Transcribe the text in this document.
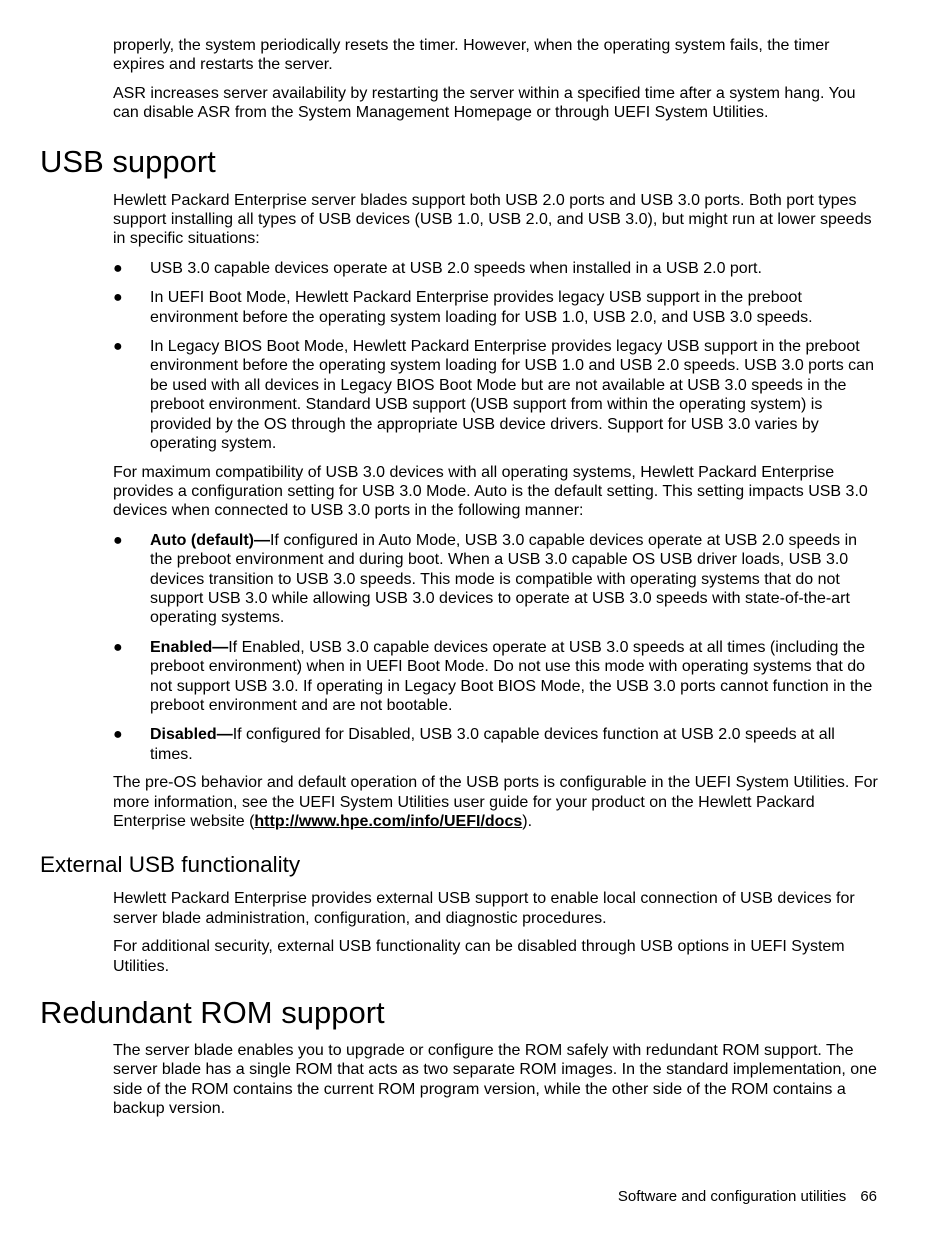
properly, the system periodically resets the timer. However, when the operating system fails, the timer expires and restarts the server.

ASR increases server availability by restarting the server within a specified time after a system hang. You can disable ASR from the System Management Homepage or through UEFI System Utilities.

USB support

Hewlett Packard Enterprise server blades support both USB 2.0 ports and USB 3.0 ports. Both port types support installing all types of USB devices (USB 1.0, USB 2.0, and USB 3.0), but might run at lower speeds in specific situations:

● USB 3.0 capable devices operate at USB 2.0 speeds when installed in a USB 2.0 port.
● In UEFI Boot Mode, Hewlett Packard Enterprise provides legacy USB support in the preboot environment before the operating system loading for USB 1.0, USB 2.0, and USB 3.0 speeds.
● In Legacy BIOS Boot Mode, Hewlett Packard Enterprise provides legacy USB support in the preboot environment before the operating system loading for USB 1.0 and USB 2.0 speeds. USB 3.0 ports can be used with all devices in Legacy BIOS Boot Mode but are not available at USB 3.0 speeds in the preboot environment. Standard USB support (USB support from within the operating system) is provided by the OS through the appropriate USB device drivers. Support for USB 3.0 varies by operating system.

For maximum compatibility of USB 3.0 devices with all operating systems, Hewlett Packard Enterprise provides a configuration setting for USB 3.0 Mode. Auto is the default setting. This setting impacts USB 3.0 devices when connected to USB 3.0 ports in the following manner:

● Auto (default)—If configured in Auto Mode, USB 3.0 capable devices operate at USB 2.0 speeds in the preboot environment and during boot. When a USB 3.0 capable OS USB driver loads, USB 3.0 devices transition to USB 3.0 speeds. This mode is compatible with operating systems that do not support USB 3.0 while allowing USB 3.0 devices to operate at USB 3.0 speeds with state-of-the-art operating systems.
● Enabled—If Enabled, USB 3.0 capable devices operate at USB 3.0 speeds at all times (including the preboot environment) when in UEFI Boot Mode. Do not use this mode with operating systems that do not support USB 3.0. If operating in Legacy Boot BIOS Mode, the USB 3.0 ports cannot function in the preboot environment and are not bootable.
● Disabled—If configured for Disabled, USB 3.0 capable devices function at USB 2.0 speeds at all times.

The pre-OS behavior and default operation of the USB ports is configurable in the UEFI System Utilities. For more information, see the UEFI System Utilities user guide for your product on the Hewlett Packard Enterprise website (http://www.hpe.com/info/UEFI/docs).

External USB functionality

Hewlett Packard Enterprise provides external USB support to enable local connection of USB devices for server blade administration, configuration, and diagnostic procedures.

For additional security, external USB functionality can be disabled through USB options in UEFI System Utilities.

Redundant ROM support

The server blade enables you to upgrade or configure the ROM safely with redundant ROM support. The server blade has a single ROM that acts as two separate ROM images. In the standard implementation, one side of the ROM contains the current ROM program version, while the other side of the ROM contains a backup version.

Software and configuration utilities 66
